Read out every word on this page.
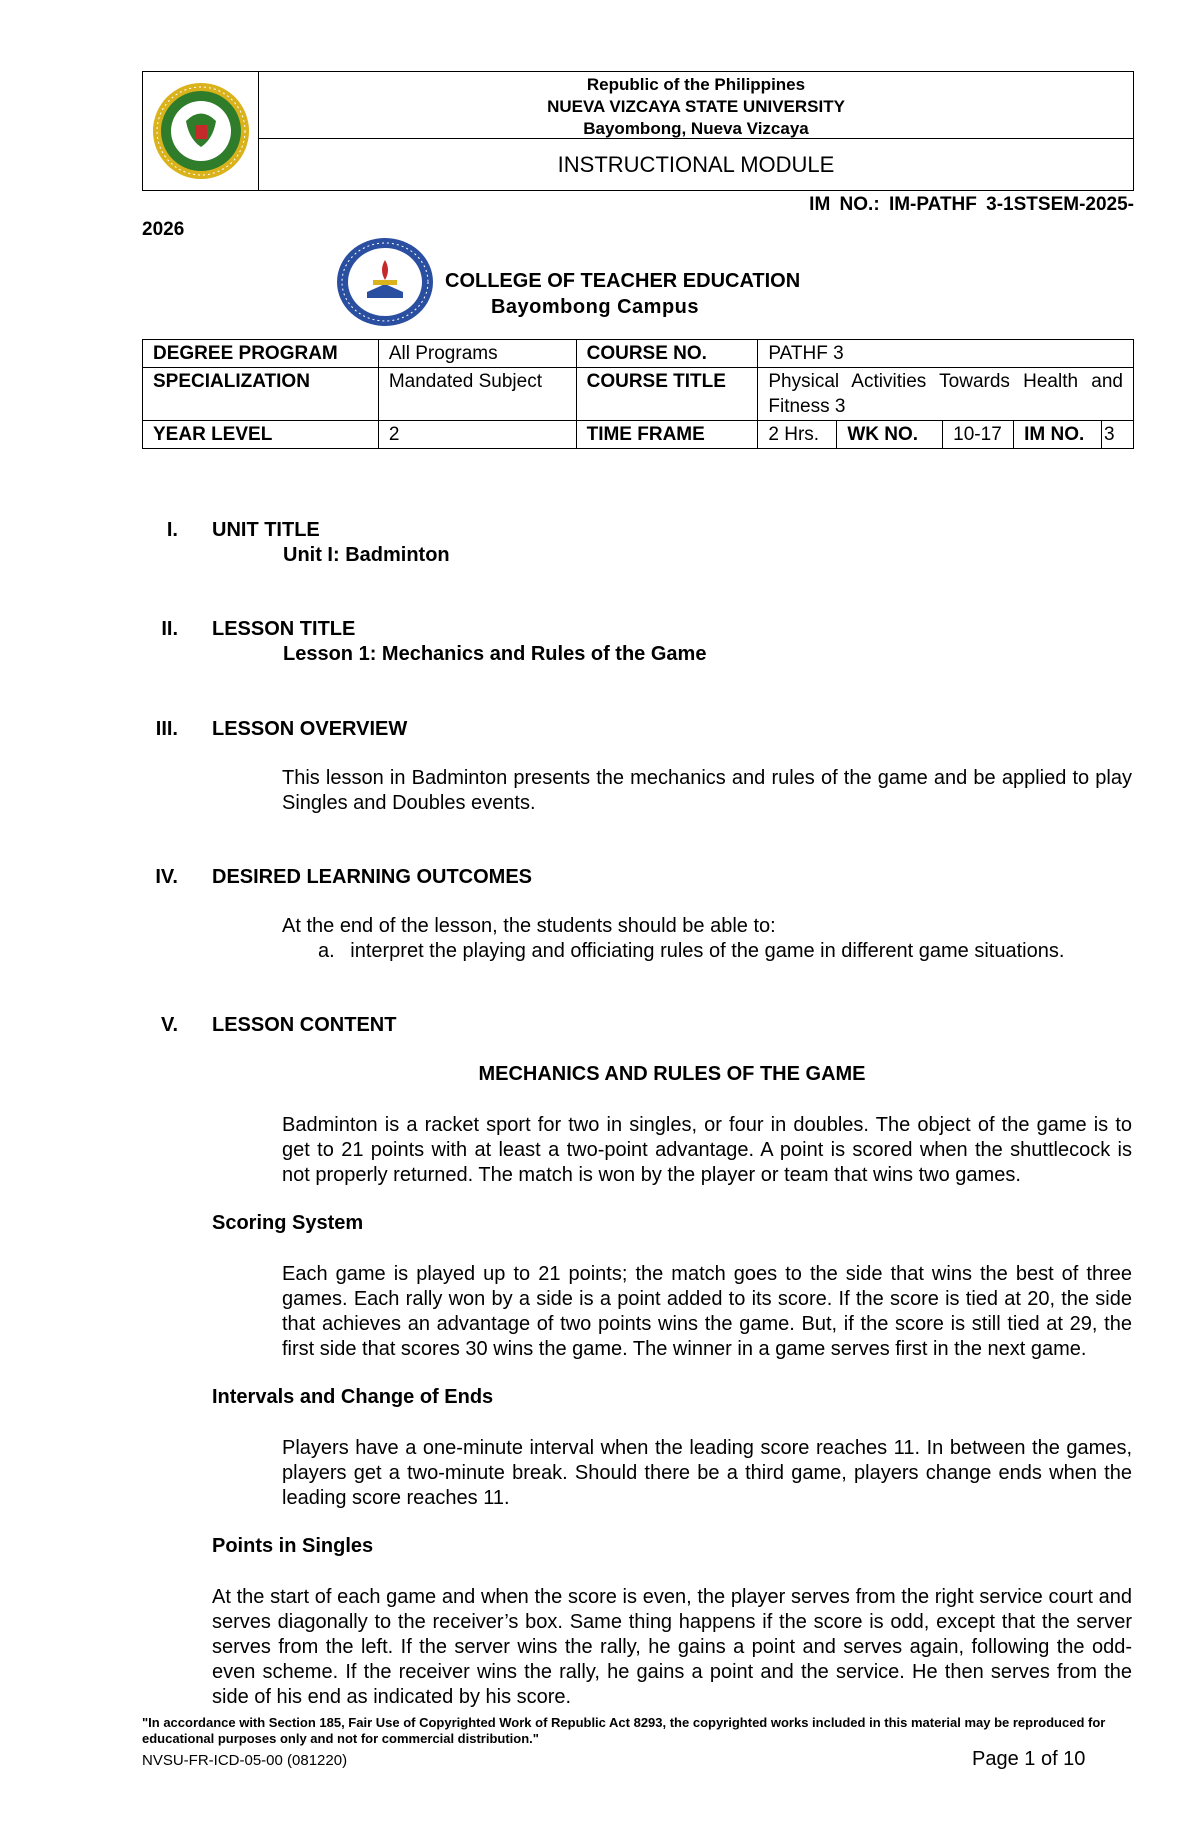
Republic of the Philippines
NUEVA VIZCAYA STATE UNIVERSITY
Bayombong, Nueva Vizcaya
INSTRUCTIONAL MODULE
IM NO.: IM-PATHF 3-1STSEM-2025-
2026
COLLEGE OF TEACHER EDUCATION
Bayombong Campus
DEGREE PROGRAM	All Programs	COURSE NO.	PATHF 3				
SPECIALIZATION	Mandated Subject	COURSE TITLE	Physical Activities Towards Health and Fitness 3				
YEAR LEVEL	2	TIME FRAME	2 Hrs.	WK NO.	10-17	IM NO.	3
I. UNIT TITLE
Unit I: Badminton
II. LESSON TITLE
Lesson 1: Mechanics and Rules of the Game
III. LESSON OVERVIEW
This lesson in Badminton presents the mechanics and rules of the game and be applied to play Singles and Doubles events.
IV. DESIRED LEARNING OUTCOMES
At the end of the lesson, the students should be able to:
a. interpret the playing and officiating rules of the game in different game situations.
V. LESSON CONTENT
MECHANICS AND RULES OF THE GAME
Badminton is a racket sport for two in singles, or four in doubles. The object of the game is to get to 21 points with at least a two-point advantage. A point is scored when the shuttlecock is not properly returned. The match is won by the player or team that wins two games.
Scoring System
Each game is played up to 21 points; the match goes to the side that wins the best of three games. Each rally won by a side is a point added to its score. If the score is tied at 20, the side that achieves an advantage of two points wins the game. But, if the score is still tied at 29, the first side that scores 30 wins the game. The winner in a game serves first in the next game.
Intervals and Change of Ends
Players have a one-minute interval when the leading score reaches 11. In between the games, players get a two-minute break. Should there be a third game, players change ends when the leading score reaches 11.
Points in Singles
At the start of each game and when the score is even, the player serves from the right service court and serves diagonally to the receiver’s box. Same thing happens if the score is odd, except that the server serves from the left. If the server wins the rally, he gains a point and serves again, following the odd-even scheme. If the receiver wins the rally, he gains a point and the service. He then serves from the side of his end as indicated by his score.
"In accordance with Section 185, Fair Use of Copyrighted Work of Republic Act 8293, the copyrighted works included in this material may be reproduced for educational purposes only and not for commercial distribution."
NVSU-FR-ICD-05-00 (081220)	Page 1 of 10
